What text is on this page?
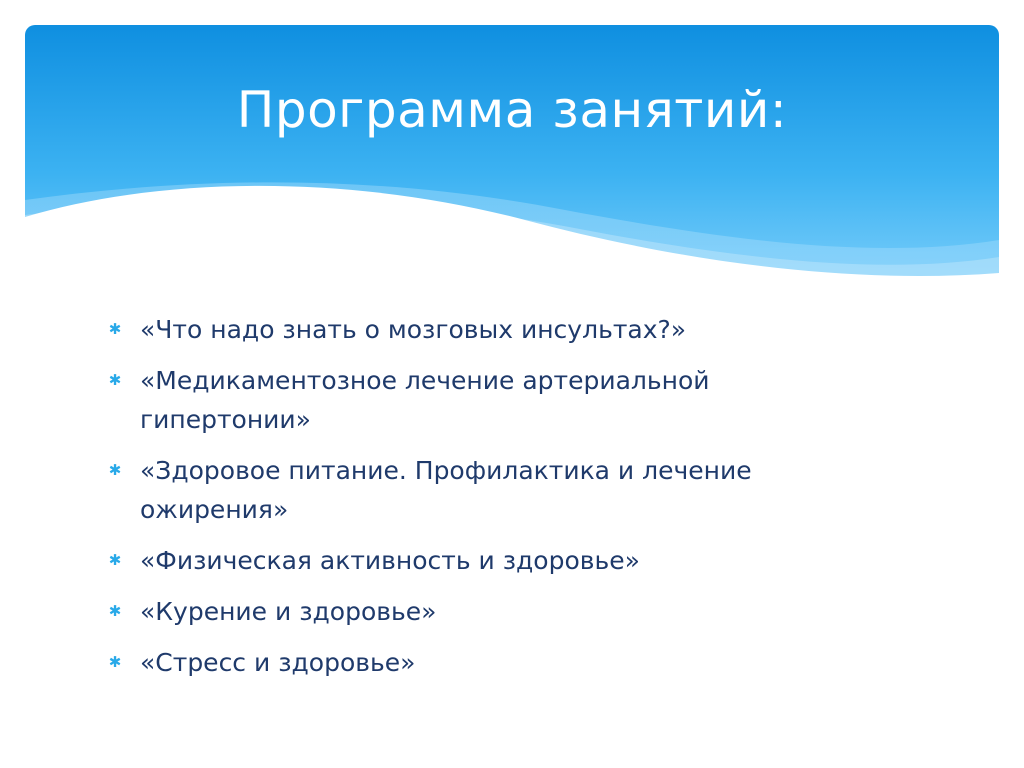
Программа занятий:
✱ «Что надо знать о мозговых инсультах?»
✱ «Медикаментозное лечение артериальной гипертонии»
✱ «Здоровое питание. Профилактика и лечение ожирения»
✱ «Физическая активность и здоровье»
✱ «Курение и здоровье»
✱ «Стресс и здоровье»
